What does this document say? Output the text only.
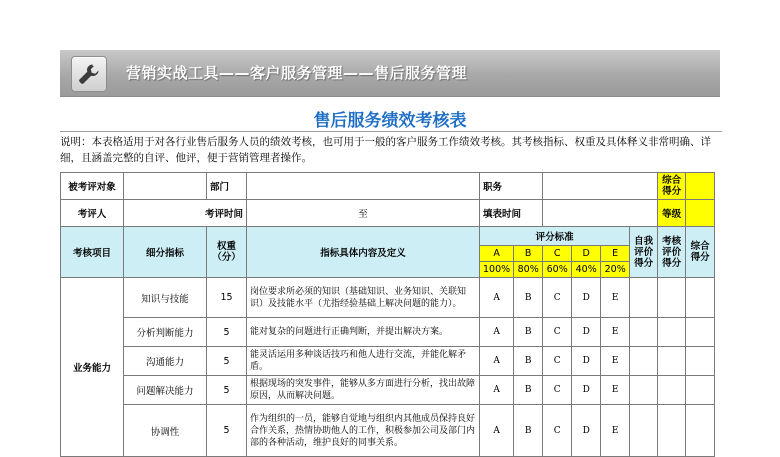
营销实战工具——客户服务管理——售后服务管理
售后服务绩效考核表
说明：本表格适用于对各行业售后服务人员的绩效考核，也可用于一般的客户服务工作绩效考核。其考核指标、权重及具体释义非常明确、详细，且涵盖完整的自评、他评，便于营销管理者操作。
被考评对象		部门		职务						综合得分	
考评人	考评时间		至	填表时间						等级	
考核项目	细分指标	权重（分）	指标具体内容及定义	评分标准					自我评价得分	考核评价得分	综合得分
				A	B	C	D	E			
				100%	80%	60%	40%	20%			
业务能力	知识与技能	15	岗位要求所必须的知识（基础知识、业务知识、关联知识）及技能水平（尤指经验基础上解决问题的能力）。	A	B	C	D	E			
	分析判断能力	5	能对复杂的问题进行正确判断，并提出解决方案。	A	B	C	D	E			
	沟通能力	5	能灵活运用多种谈话技巧和他人进行交流，并能化解矛盾。	A	B	C	D	E			
	问题解决能力	5	根据现场的突发事件，能够从多方面进行分析，找出故障原因，从而解决问题。	A	B	C	D	E			
	协调性	5	作为组织的一员，能够自觉地与组织内其他成员保持良好合作关系，热情协助他人的工作，积极参加公司及部门内部的各种活动，维护良好的同事关系。	A	B	C	D	E			
